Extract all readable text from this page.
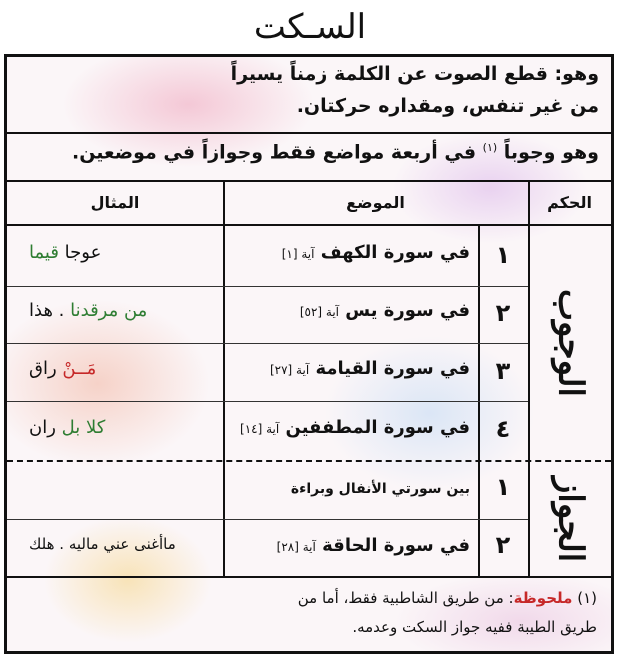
السـكت
وهو: قطع الصوت عن الكلمة زمناً يسيراً
من غير تنفس، ومقداره حركتان.
وهو وجوباً $^{(١)}$ في أربعة مواضع فقط وجوازاً في موضعين.
الحكم
الموضع
المثال
الوجوب
الجواز
١
في سورة الكهف آية [١]
عوجا قيما
٢
في سورة يس آية [٥٢]
من مرقدنا . هذا
٣
في سورة القيامة آية [٢٧]
مَــنْ راق
٤
في سورة المطففين آية [١٤]
كلا بل ران
١
بين سورتي الأنفال وبراءة
٢
في سورة الحاقة آية [٢٨]
ماأغنى عني ماليه . هلك
(١) ملحوظة: من طريق الشاطبية فقط، أما من
طريق الطيبة ففيه جواز السكت وعدمه.
